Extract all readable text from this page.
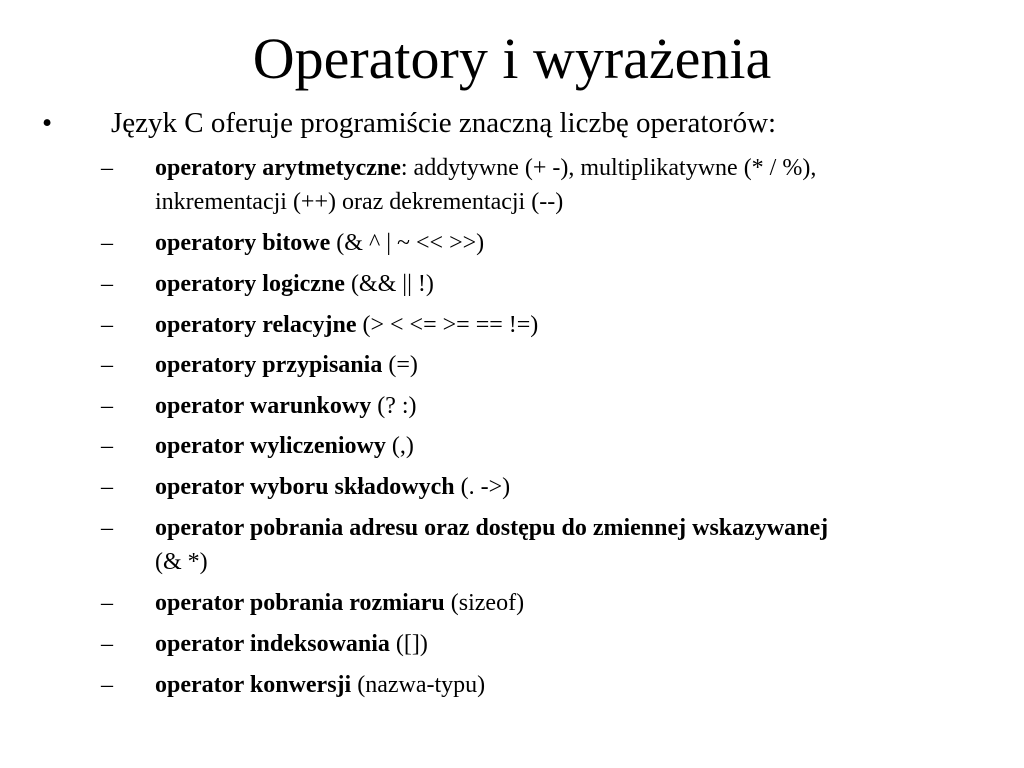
Operatory i wyrażenia
• Język C oferuje programiście znaczną liczbę operatorów:
– operatory arytmetyczne: addytywne (+ -), multiplikatywne (* / %),
inkrementacji (++) oraz dekrementacji (--)
– operatory bitowe (& ^ | ~ << >>)
– operatory logiczne (&& || !)
– operatory relacyjne (> < <= >= == !=)
– operatory przypisania (=)
– operator warunkowy (? :)
– operator wyliczeniowy (,)
– operator wyboru składowych (. ->)
– operator pobrania adresu oraz dostępu do zmiennej wskazywanej
(& *)
– operator pobrania rozmiaru (sizeof)
– operator indeksowania ([])
– operator konwersji (nazwa-typu)
